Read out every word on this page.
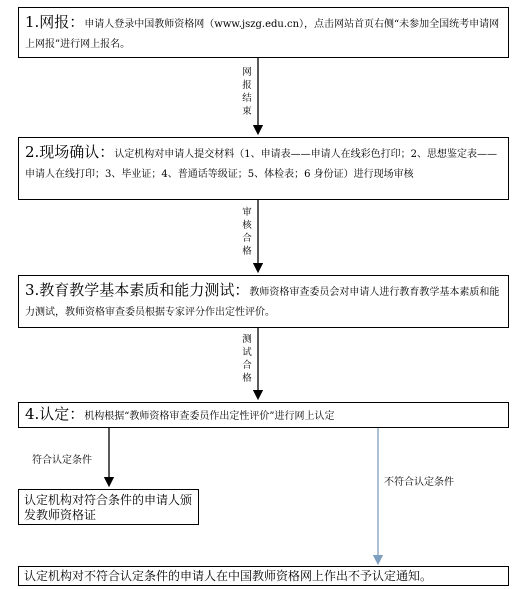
1.网报：申请人登录中国教师资格网（www.jszg.edu.cn），点击网站首页右侧“未参加全国统考申请网上网报”进行网上报名。
网报结束
2.现场确认：认定机构对申请人提交材料（1、申请表——申请人在线彩色打印；2、思想鉴定表——申请人在线打印；3、毕业证；4、普通话等级证；5、体检表；6 身份证）进行现场审核
审核合格
3.教育教学基本素质和能力测试：教师资格审查委员会对申请人进行教育教学基本素质和能力测试，教师资格审查委员根据专家评分作出定性评价。
测试合格
4.认定：机构根据“教师资格审查委员作出定性评价”进行网上认定
符合认定条件
不符合认定条件
认定机构对符合条件的申请人颁发教师资格证
认定机构对不符合认定条件的申请人在中国教师资格网上作出不予认定通知。
